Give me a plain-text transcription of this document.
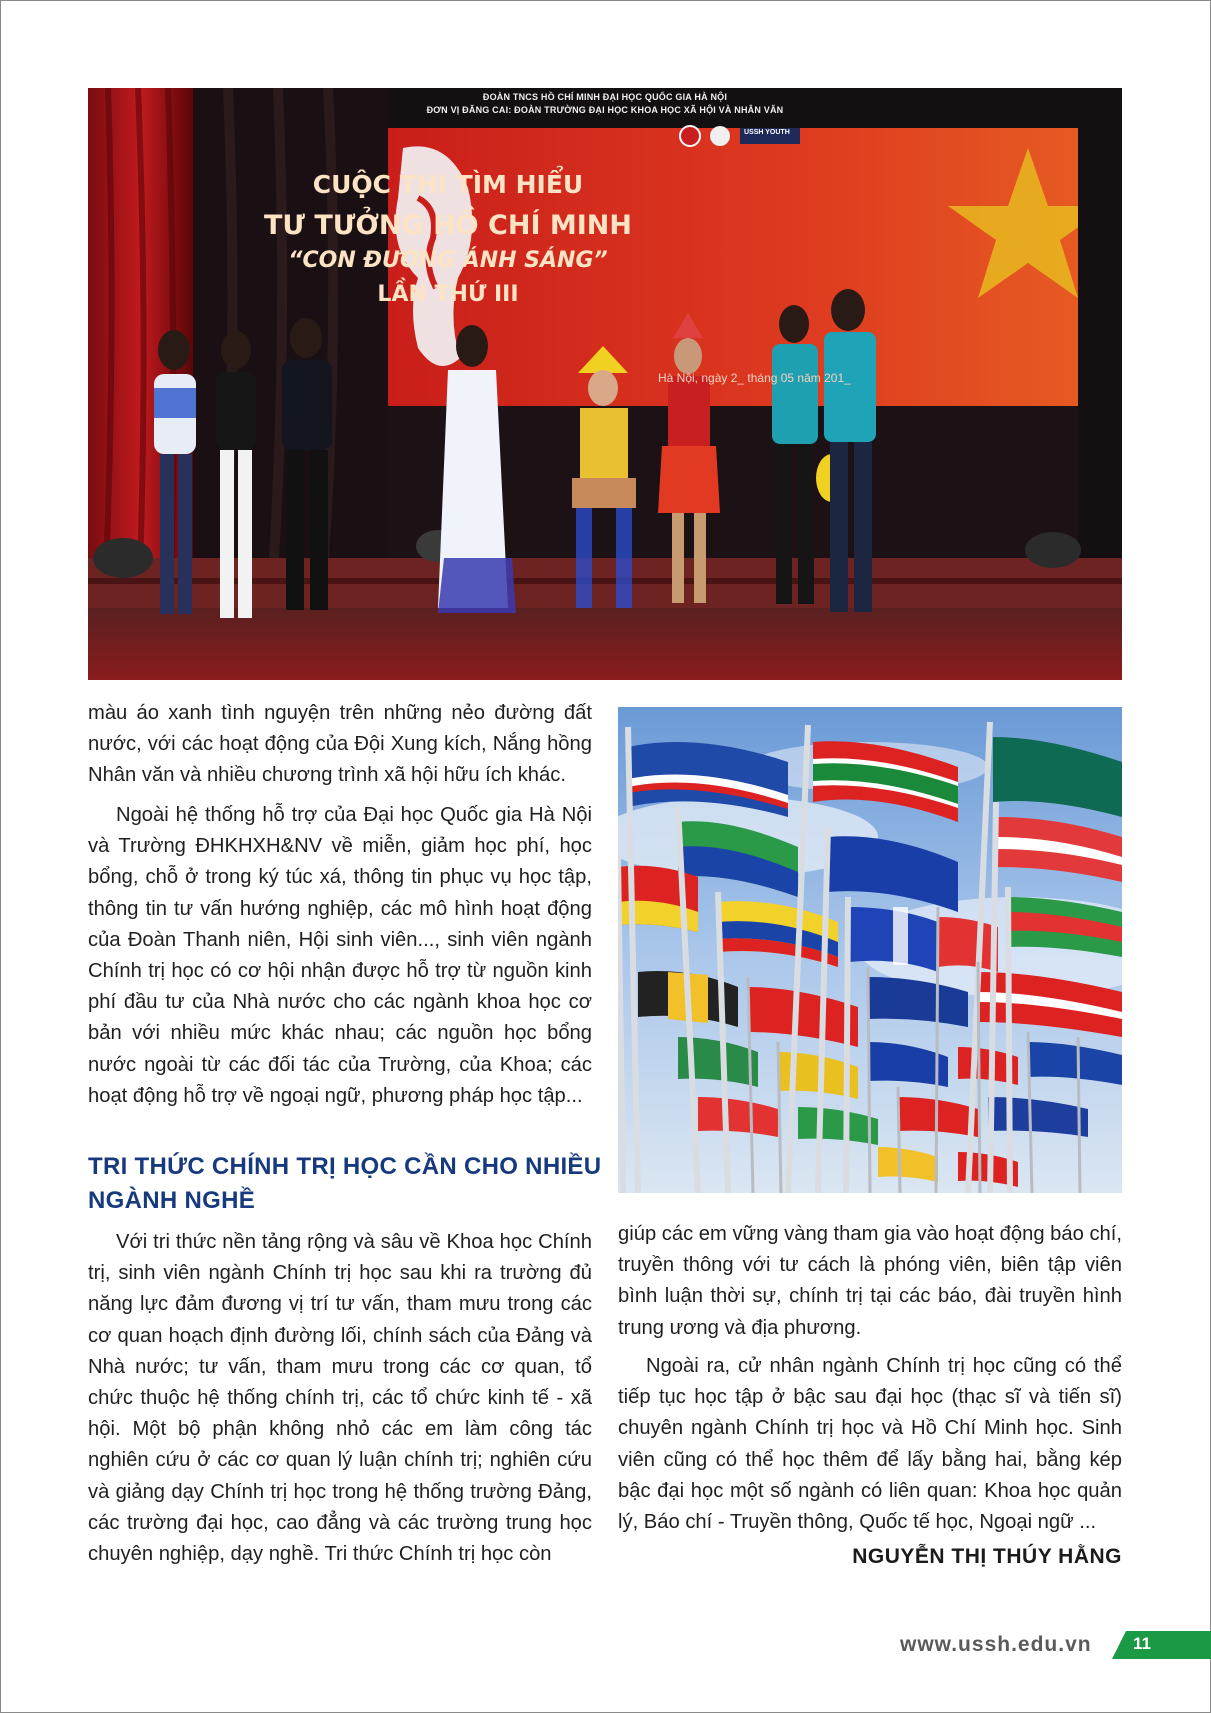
ĐOÀN TNCS HỒ CHÍ MINH ĐẠI HỌC QUỐC GIA HÀ NỘI
ĐƠN VỊ ĐĂNG CAI: ĐOÀN TRƯỜNG ĐẠI HỌC KHOA HỌC XÃ HỘI VÀ NHÂN VĂN
USSH YOUTH
CUỘC THI TÌM HIỂU
TƯ TƯỞNG HỒ CHÍ MINH
“CON ĐƯỜNG ÁNH SÁNG”
LẦN THỨ III
Hà Nội, ngày 2_ tháng 05 năm 201_

màu áo xanh tình nguyện trên những nẻo đường đất nước, với các hoạt động của Đội Xung kích, Nắng hồng Nhân văn và nhiều chương trình xã hội hữu ích khác.

Ngoài hệ thống hỗ trợ của Đại học Quốc gia Hà Nội và Trường ĐHKHXH&NV về miễn, giảm học phí, học bổng, chỗ ở trong ký túc xá, thông tin phục vụ học tập, thông tin tư vấn hướng nghiệp, các mô hình hoạt động của Đoàn Thanh niên, Hội sinh viên..., sinh viên ngành Chính trị học có cơ hội nhận được hỗ trợ từ nguồn kinh phí đầu tư của Nhà nước cho các ngành khoa học cơ bản với nhiều mức khác nhau; các nguồn học bổng nước ngoài từ các đối tác của Trường, của Khoa; các hoạt động hỗ trợ về ngoại ngữ, phương pháp học tập...

TRI THỨC CHÍNH TRỊ HỌC CẦN CHO NHIỀU NGÀNH NGHỀ

Với tri thức nền tảng rộng và sâu về Khoa học Chính trị, sinh viên ngành Chính trị học sau khi ra trường đủ năng lực đảm đương vị trí tư vấn, tham mưu trong các cơ quan hoạch định đường lối, chính sách của Đảng và Nhà nước; tư vấn, tham mưu trong các cơ quan, tổ chức thuộc hệ thống chính trị, các tổ chức kinh tế - xã hội. Một bộ phận không nhỏ các em làm công tác nghiên cứu ở các cơ quan lý luận chính trị; nghiên cứu và giảng dạy Chính trị học trong hệ thống trường Đảng, các trường đại học, cao đẳng và các trường trung học chuyên nghiệp, dạy nghề. Tri thức Chính trị học còn

giúp các em vững vàng tham gia vào hoạt động báo chí, truyền thông với tư cách là phóng viên, biên tập viên bình luận thời sự, chính trị tại các báo, đài truyền hình trung ương và địa phương.

Ngoài ra, cử nhân ngành Chính trị học cũng có thể tiếp tục học tập ở bậc sau đại học (thạc sĩ và tiến sĩ) chuyên ngành Chính trị học và Hồ Chí Minh học. Sinh viên cũng có thể học thêm để lấy bằng hai, bằng kép bậc đại học một số ngành có liên quan: Khoa học quản lý, Báo chí - Truyền thông, Quốc tế học, Ngoại ngữ ...

NGUYỄN THỊ THÚY HẰNG

www.ussh.edu.vn 11
